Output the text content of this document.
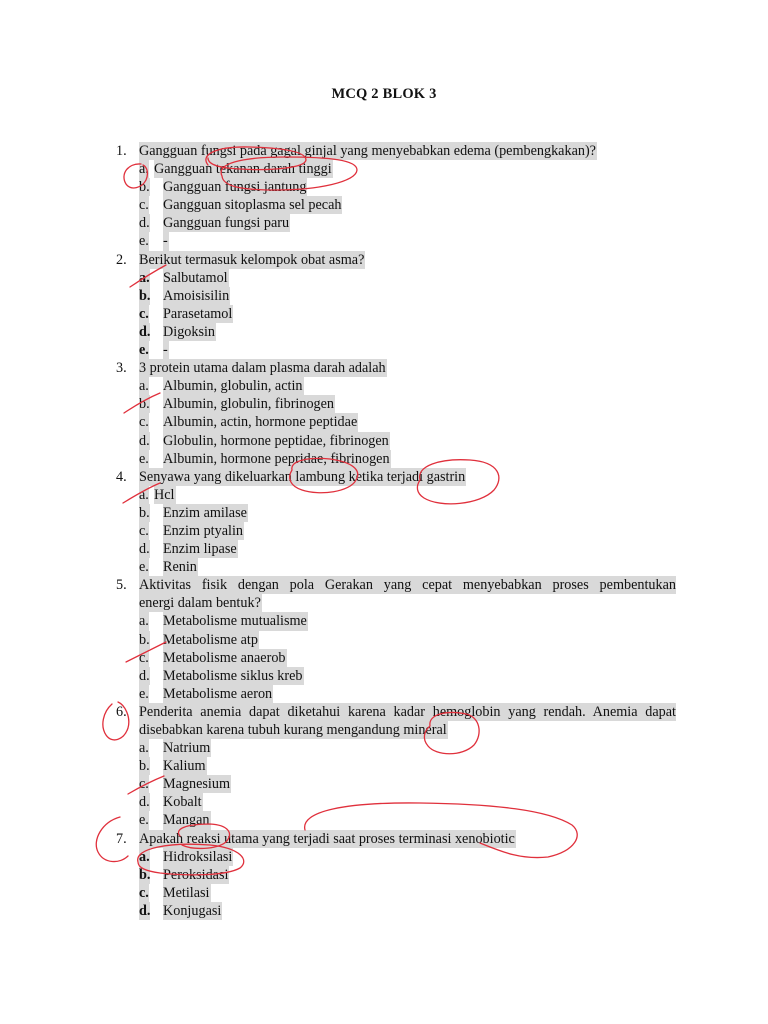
MCQ 2 BLOK 3
1. Gangguan fungsi pada gagal ginjal yang menyebabkan edema (pembengkakan)?
a. Gangguan tekanan darah tinggi
b. Gangguan fungsi jantung
c. Gangguan sitoplasma sel pecah
d. Gangguan fungsi paru
e. -
2. Berikut termasuk kelompok obat asma?
a. Salbutamol
b. Amoisisilin
c. Parasetamol
d. Digoksin
e. -
3. 3 protein utama dalam plasma darah adalah
a. Albumin, globulin, actin
b. Albumin, globulin, fibrinogen
c. Albumin, actin, hormone peptidae
d. Globulin, hormone peptidae, fibrinogen
e. Albumin, hormone pepridae, fibrinogen
4. Senyawa yang dikeluarkan lambung ketika terjadi gastrin
a. Hcl
b. Enzim amilase
c. Enzim ptyalin
d. Enzim lipase
e. Renin
5. Aktivitas fisik dengan pola Gerakan yang cepat menyebabkan proses pembentukan
energi dalam bentuk?
a. Metabolisme mutualisme
b. Metabolisme atp
c. Metabolisme anaerob
d. Metabolisme siklus kreb
e. Metabolisme aeron
6. Penderita anemia dapat diketahui karena kadar hemoglobin yang rendah. Anemia dapat
disebabkan karena tubuh kurang mengandung mineral
a. Natrium
b. Kalium
c. Magnesium
d. Kobalt
e. Mangan
7. Apakah reaksi utama yang terjadi saat proses terminasi xenobiotic
a. Hidroksilasi
b. Peroksidasi
c. Metilasi
d. Konjugasi
